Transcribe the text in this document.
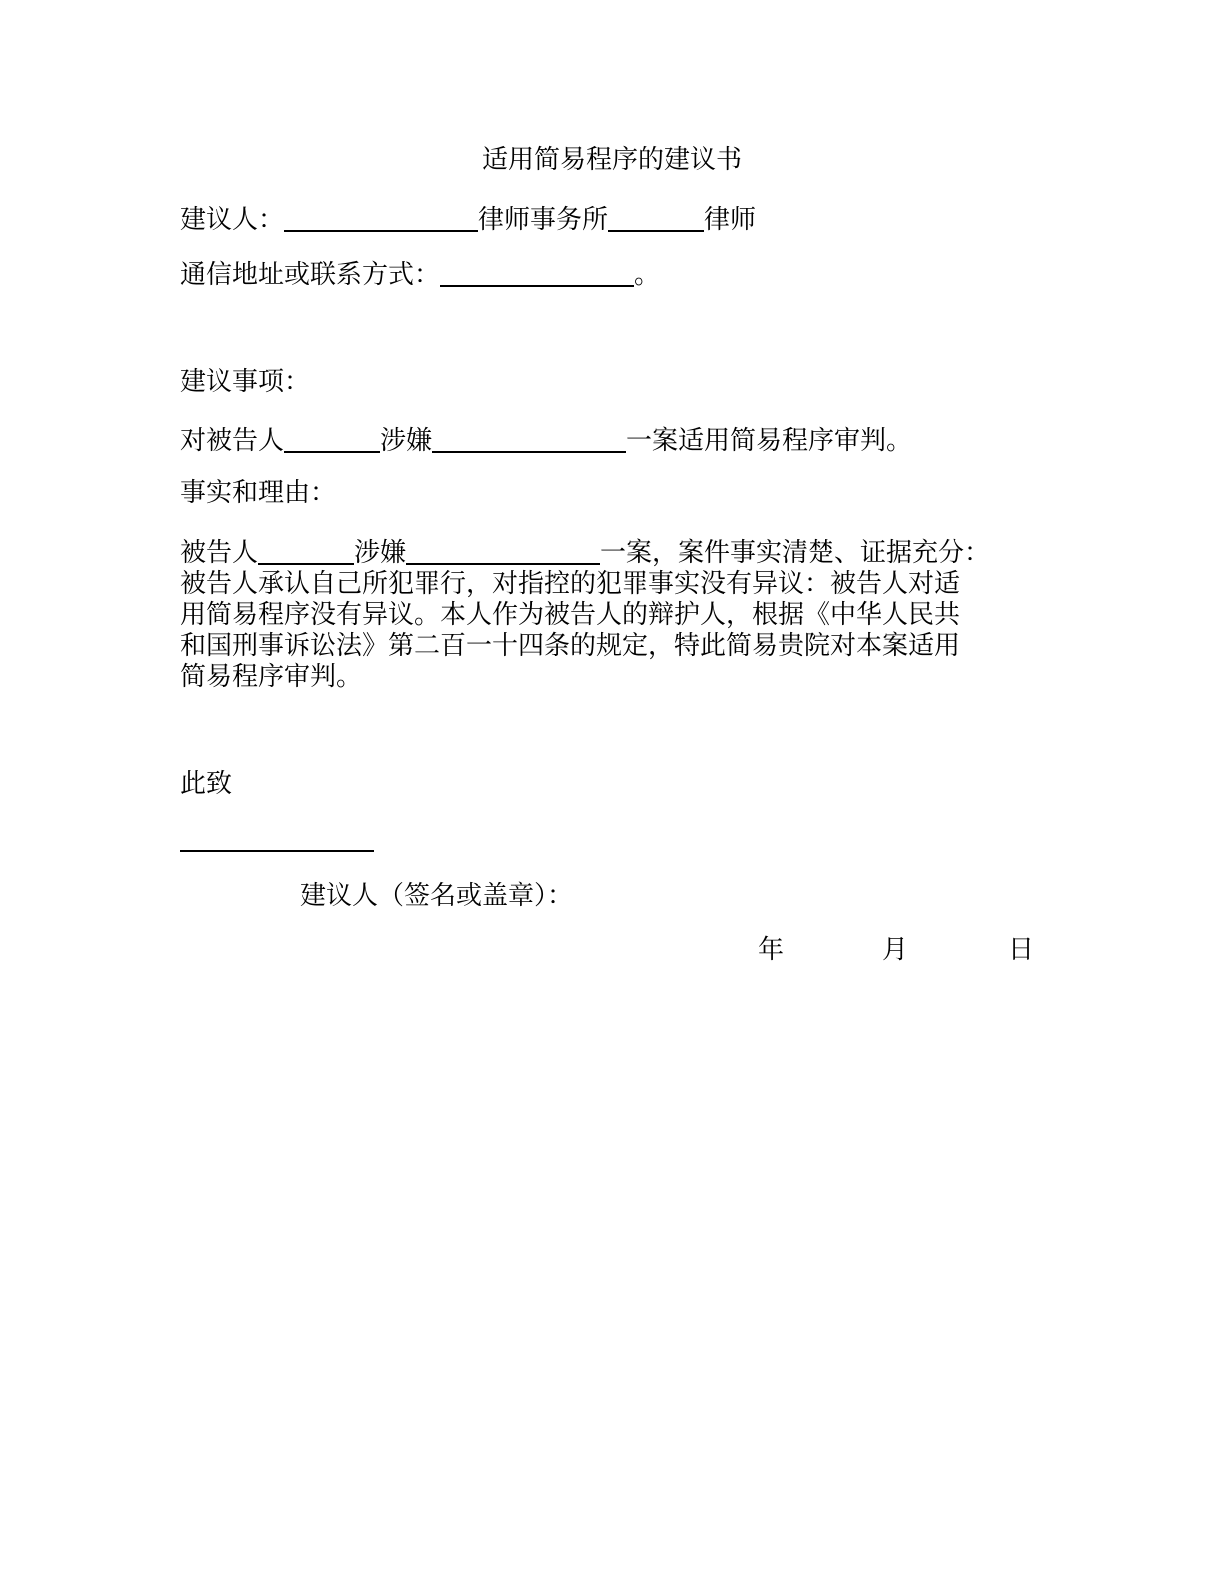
适用简易程序的建议书
建议人：	律师事务所	律师
通信地址或联系方式：	。
建议事项：
对被告人	涉嫌	一案适用简易程序审判。
事实和理由：
被告人	涉嫌	一案，案件事实清楚、证据充分：
被告人承认自己所犯罪行，对指控的犯罪事实没有异议：被告人对适
用简易程序没有异议。本人作为被告人的辩护人，根据《中华人民共
和国刑事诉讼法》第二百一十四条的规定，特此简易贵院对本案适用
简易程序审判。
此致
建议人（签名或盖章）：
年	月	日
